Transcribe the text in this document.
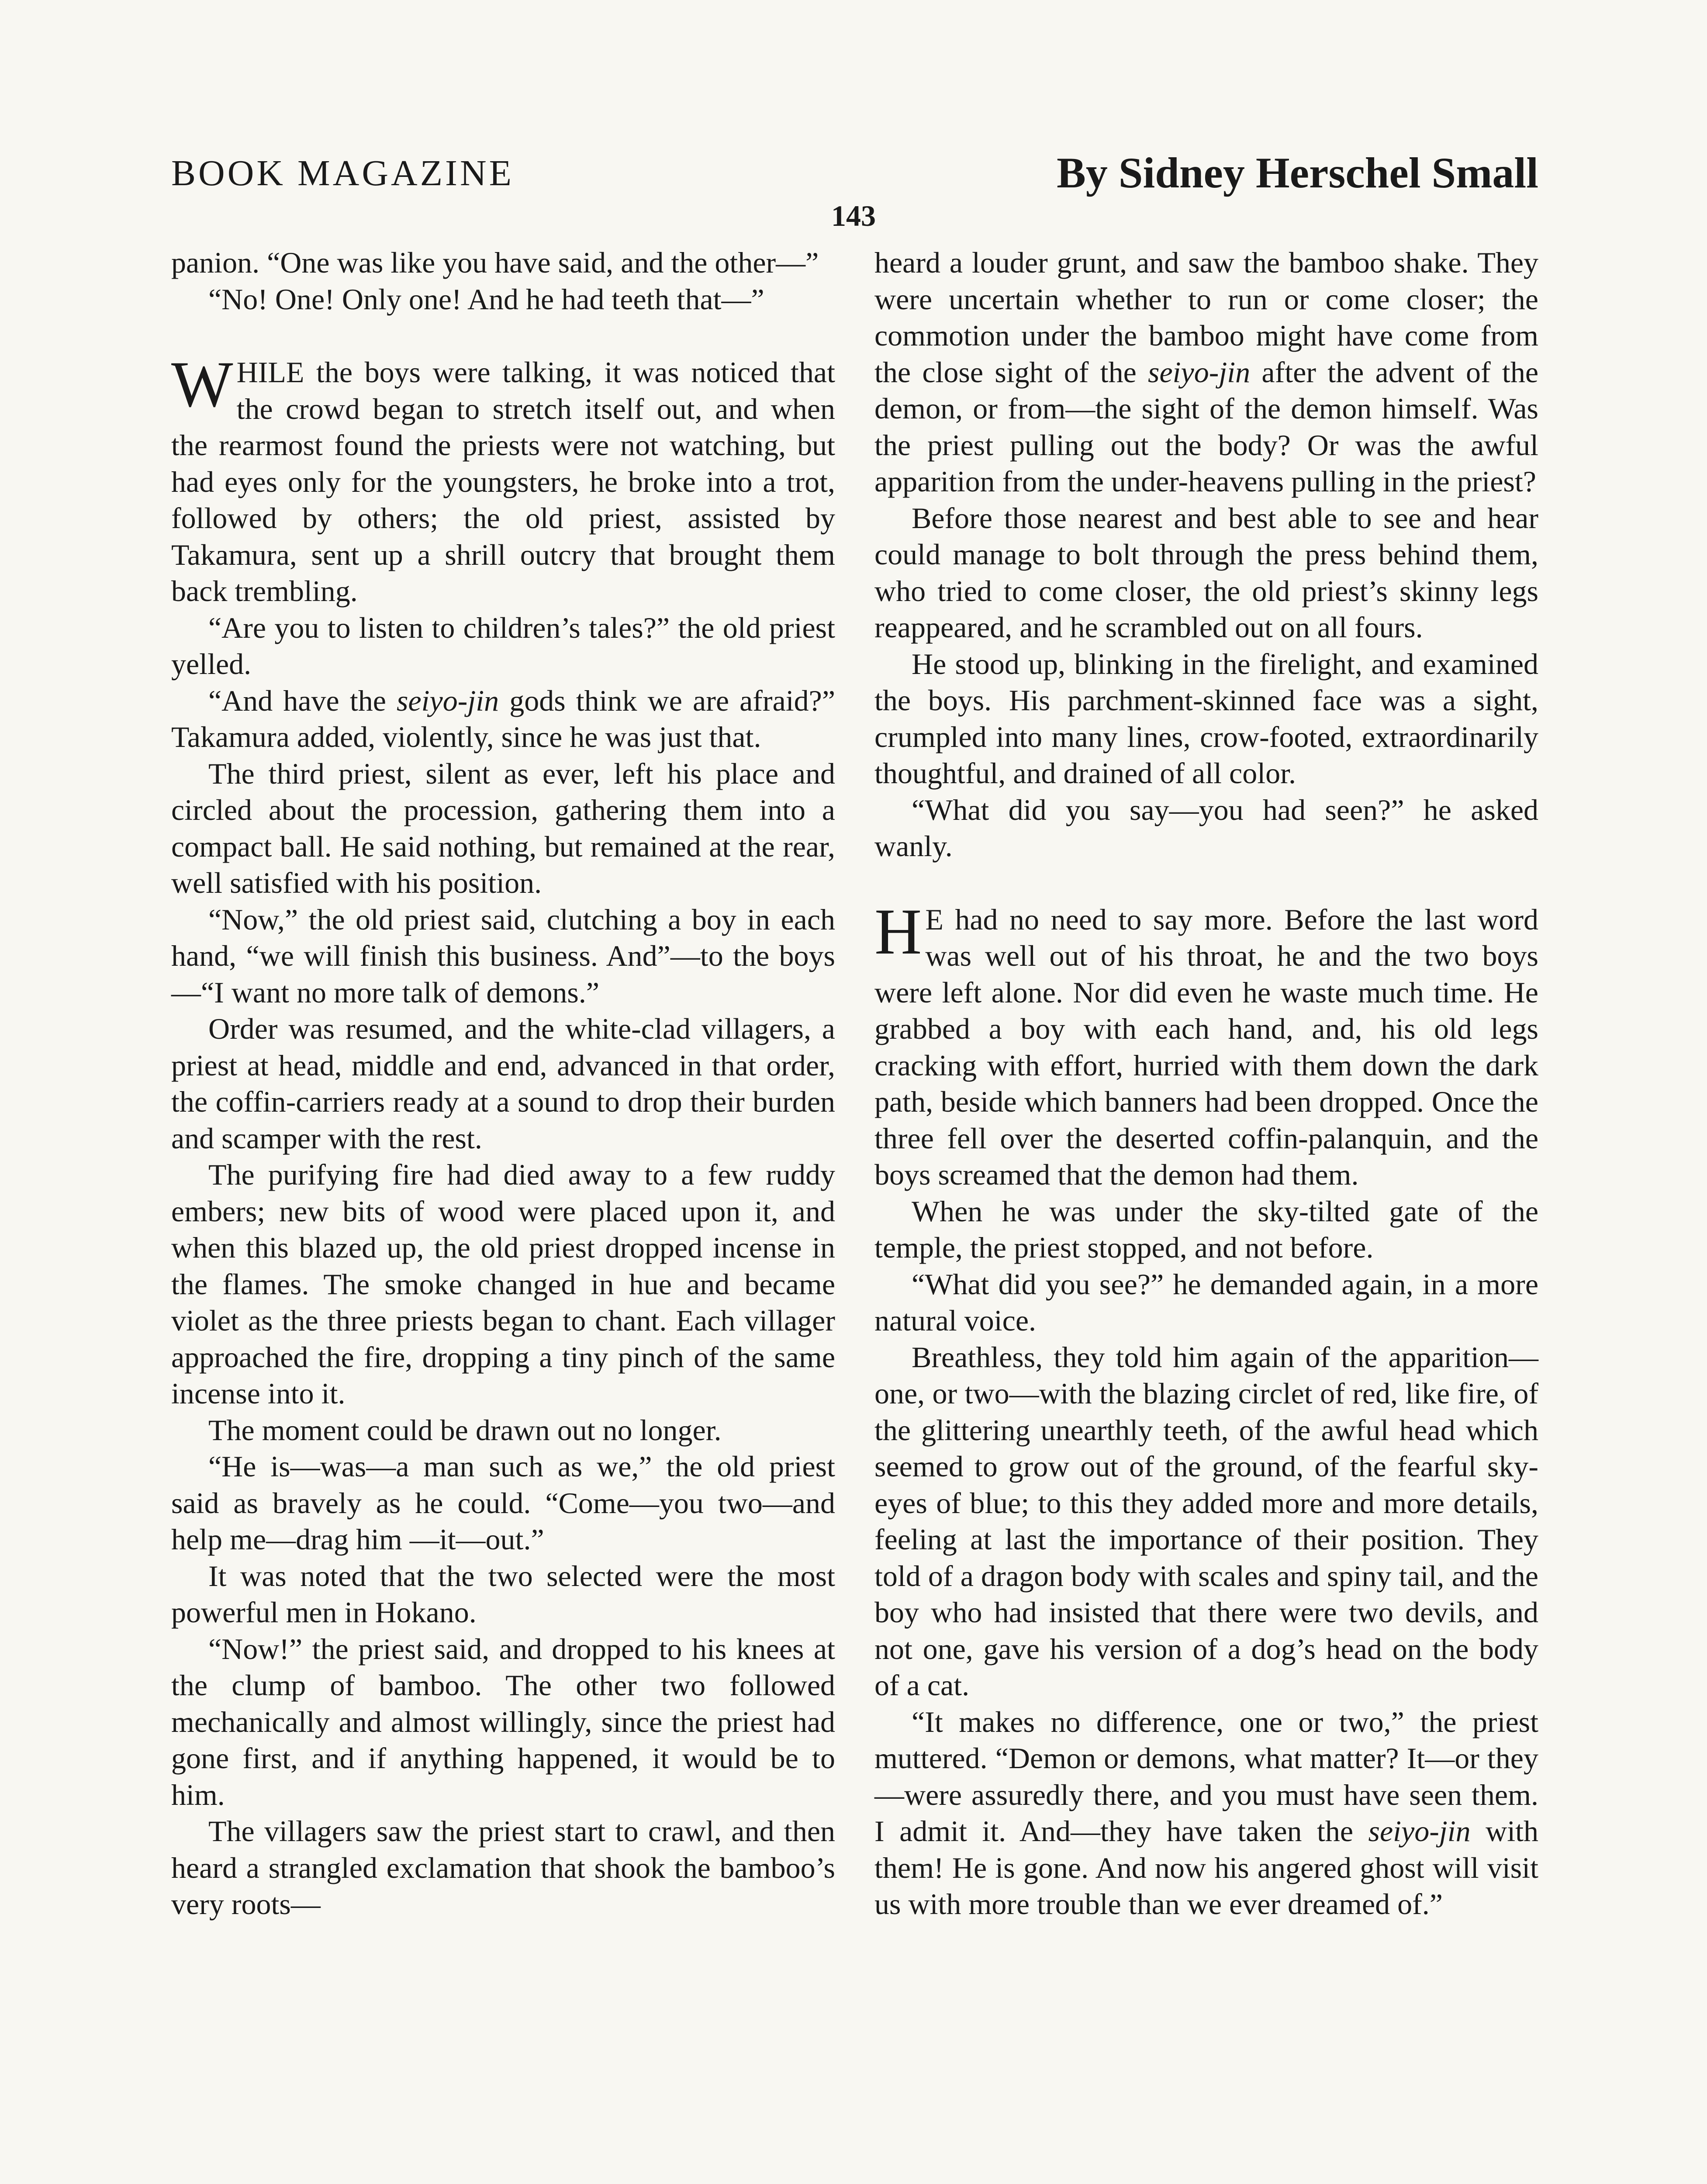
BOOK MAGAZINE	By Sidney Herschel Small
143

panion. “One was like you have said, and the other—”

“No! One! Only one! And he had teeth that—”

WHILE the boys were talking, it was noticed that the crowd began to stretch itself out, and when the rearmost found the priests were not watching, but had eyes only for the youngsters, he broke into a trot, followed by others; the old priest, assisted by Takamura, sent up a shrill outcry that brought them back trembling.

“Are you to listen to children’s tales?” the old priest yelled.

“And have the seiyo-jin gods think we are afraid?” Takamura added, violently, since he was just that.

The third priest, silent as ever, left his place and circled about the procession, gathering them into a compact ball. He said nothing, but remained at the rear, well satisfied with his position.

“Now,” the old priest said, clutching a boy in each hand, “we will finish this business. And”—to the boys—“I want no more talk of demons.”

Order was resumed, and the white-clad villagers, a priest at head, middle and end, advanced in that order, the coffin-carriers ready at a sound to drop their burden and scamper with the rest.

The purifying fire had died away to a few ruddy embers; new bits of wood were placed upon it, and when this blazed up, the old priest dropped incense in the flames. The smoke changed in hue and became violet as the three priests began to chant. Each villager approached the fire, dropping a tiny pinch of the same incense into it.

The moment could be drawn out no longer.

“He is—was—a man such as we,” the old priest said as bravely as he could. “Come—you two—and help me—drag him —it—out.”

It was noted that the two selected were the most powerful men in Hokano.

“Now!” the priest said, and dropped to his knees at the clump of bamboo. The other two followed mechanically and almost willingly, since the priest had gone first, and if anything happened, it would be to him.

The villagers saw the priest start to crawl, and then heard a strangled exclamation that shook the bamboo’s very roots—

heard a louder grunt, and saw the bamboo shake. They were uncertain whether to run or come closer; the commotion under the bamboo might have come from the close sight of the seiyo-jin after the advent of the demon, or from—the sight of the demon himself. Was the priest pulling out the body? Or was the awful apparition from the under-heavens pulling in the priest?

Before those nearest and best able to see and hear could manage to bolt through the press behind them, who tried to come closer, the old priest’s skinny legs reappeared, and he scrambled out on all fours.

He stood up, blinking in the firelight, and examined the boys. His parchment-skinned face was a sight, crumpled into many lines, crow-footed, extraordinarily thoughtful, and drained of all color.

“What did you say—you had seen?” he asked wanly.

H E had no need to say more. Before the last word was well out of his throat, he and the two boys were left alone. Nor did even he waste much time. He grabbed a boy with each hand, and, his old legs cracking with effort, hurried with them down the dark path, beside which banners had been dropped. Once the three fell over the deserted coffin-palanquin, and the boys screamed that the demon had them.

When he was under the sky-tilted gate of the temple, the priest stopped, and not before.

“What did you see?” he demanded again, in a more natural voice.

Breathless, they told him again of the apparition—one, or two—with the blazing circlet of red, like fire, of the glittering unearthly teeth, of the awful head which seemed to grow out of the ground, of the fearful sky-eyes of blue; to this they added more and more details, feeling at last the importance of their position. They told of a dragon body with scales and spiny tail, and the boy who had insisted that there were two devils, and not one, gave his version of a dog’s head on the body of a cat.

“It makes no difference, one or two,” the priest muttered. “Demon or demons, what matter? It—or they—were assuredly there, and you must have seen them. I admit it. And—they have taken the seiyo-jin with them! He is gone. And now his angered ghost will visit us with more trouble than we ever dreamed of.”
